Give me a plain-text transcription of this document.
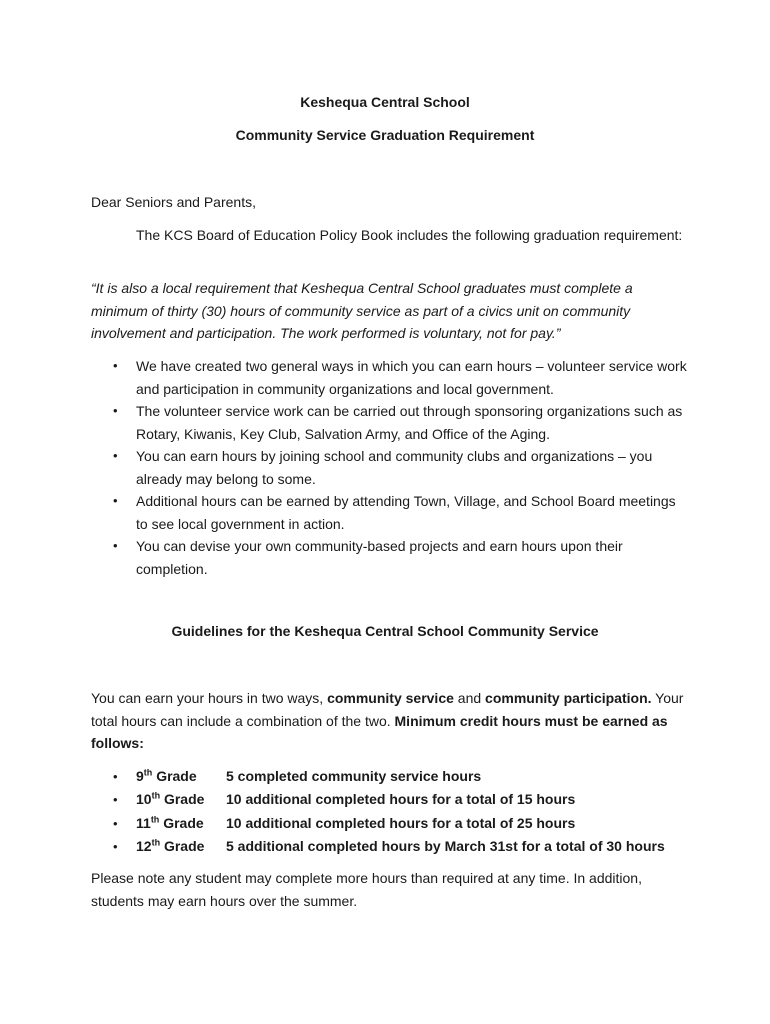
Keshequa Central School
Community Service Graduation Requirement
Dear Seniors and Parents,
The KCS Board of Education Policy Book includes the following graduation requirement:
“It is also a local requirement that Keshequa Central School graduates must complete a minimum of thirty (30) hours of community service as part of a civics unit on community involvement and participation. The work performed is voluntary, not for pay.”
• We have created two general ways in which you can earn hours – volunteer service work and participation in community organizations and local government.
• The volunteer service work can be carried out through sponsoring organizations such as Rotary, Kiwanis, Key Club, Salvation Army, and Office of the Aging.
• You can earn hours by joining school and community clubs and organizations – you already may belong to some.
• Additional hours can be earned by attending Town, Village, and School Board meetings to see local government in action.
• You can devise your own community-based projects and earn hours upon their completion.
Guidelines for the Keshequa Central School Community Service
You can earn your hours in two ways, community service and community participation. Your total hours can include a combination of the two. Minimum credit hours must be earned as follows:
• 9th Grade 5 completed community service hours
• 10th Grade 10 additional completed hours for a total of 15 hours
• 11th Grade 10 additional completed hours for a total of 25 hours
• 12th Grade 5 additional completed hours by March 31st for a total of 30 hours
Please note any student may complete more hours than required at any time. In addition, students may earn hours over the summer.
